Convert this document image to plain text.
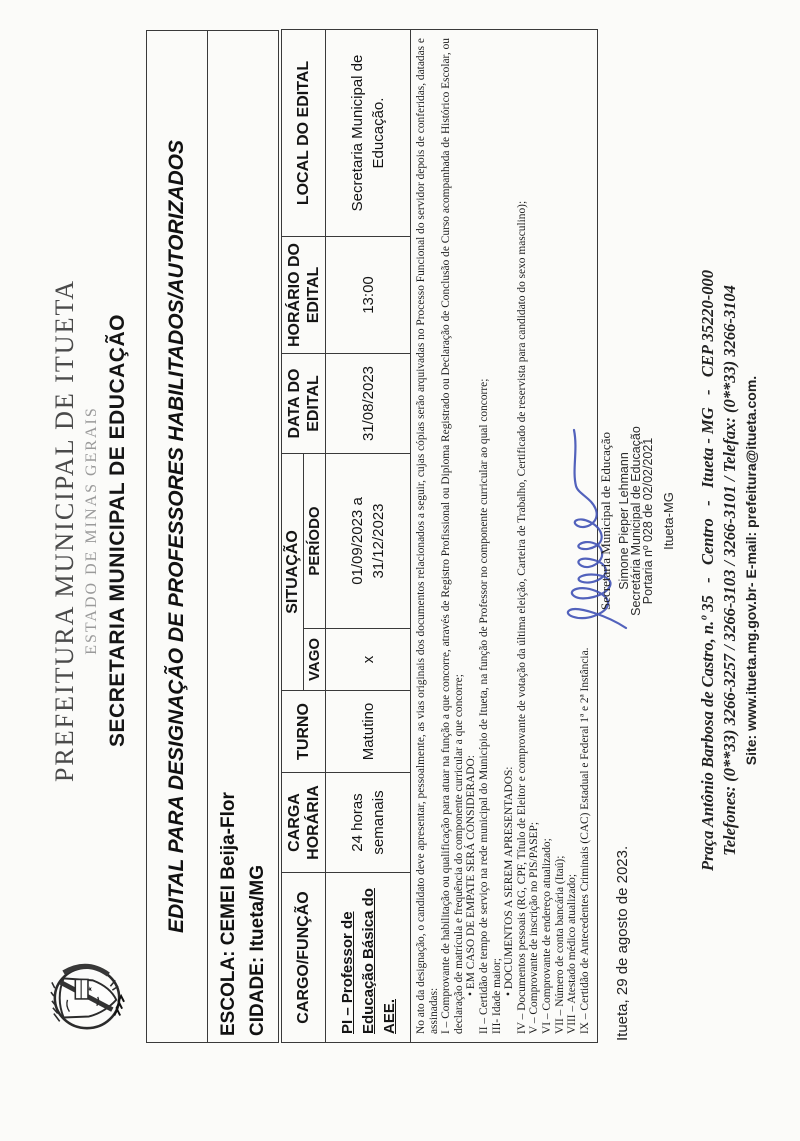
PREFEITURA MUNICIPAL DE ITUETA ESTADO DE MINAS GERAIS SECRETARIA MUNICIPAL DE EDUCAÇÃO EDITAL PARA DESIGNAÇÃO DE PROFESSORES HABILITADOS/AUTORIZADOS

ESCOLA: CEMEI Beija-Flor CIDADE: Itueta/MG CARGO/FUNÇÃO	CARGA HORÁRIA	TURNO	SITUAÇÃO		DATA DO EDITAL	HORÁRIO DO EDITAL	LOCAL DO EDITAL
			VAGO	PERÍODO			
PI – Professor de Educação Básica do AEE.	24 horas semanais	Matutino	x	01/09/2023 a 31/12/2023	31/08/2023	13:00	Secretaria Municipal de Educação.

No ato da designação, o candidato deve apresentar, pessoalmente, as vias originais dos documentos relacionados a seguir, cujas cópias serão arquivadas no Processo Funcional do servidor depois de conferidas, datadas e assinadas: I – Comprovante de habilitação ou qualificação para atuar na função a que concorre, através de Registro Profissional ou Diploma Registrado ou Declaração de Conclusão de Curso acompanhada de Histórico Escolar, ou declaração de matrícula e frequência do componente curricular a que concorre; • EM CASO DE EMPATE SERÁ CONSIDERADO: II – Certidão de tempo de serviço na rede municipal do Município de Itueta, na função de Professor no componente curricular ao qual concorre; III- Idade maior;
• DOCUMENTOS A SEREM APRESENTADOS: IV – Documentos pessoais (RG, CPF, Título de Eleitor e comprovante de votação da última eleição, Carteira de Trabalho, Certificado de reservista para candidato do sexo masculino); V – Comprovante de inscrição no PIS/PASEP; VI – Comprovante de endereço atualizado; VII – Número de conta bancária (Itaú); VIII – Atestado médico atualizado; IX – Certidão de Antecedentes Criminais (CAC) Estadual e Federal 1ª e 2ª Instância. Itueta, 29 de agosto de 2023.
Secretaria Municipal de Educação Simone Pieper Lehmann
Secretária Municipal de Educação
Portaria nº 028 de 02/02/2021 Itueta-MG Praça Antônio Barbosa de Castro, n.º 35   -   Centro   -   Itueta - MG   -   CEP 35220-000 Telefones: (0**33) 3266-3257 / 3266-3103 / 3266-3101 / Telefax: (0**33) 3266-3104 Site: www.itueta.mg.gov.br- E-mail: prefeitura@itueta.com.
